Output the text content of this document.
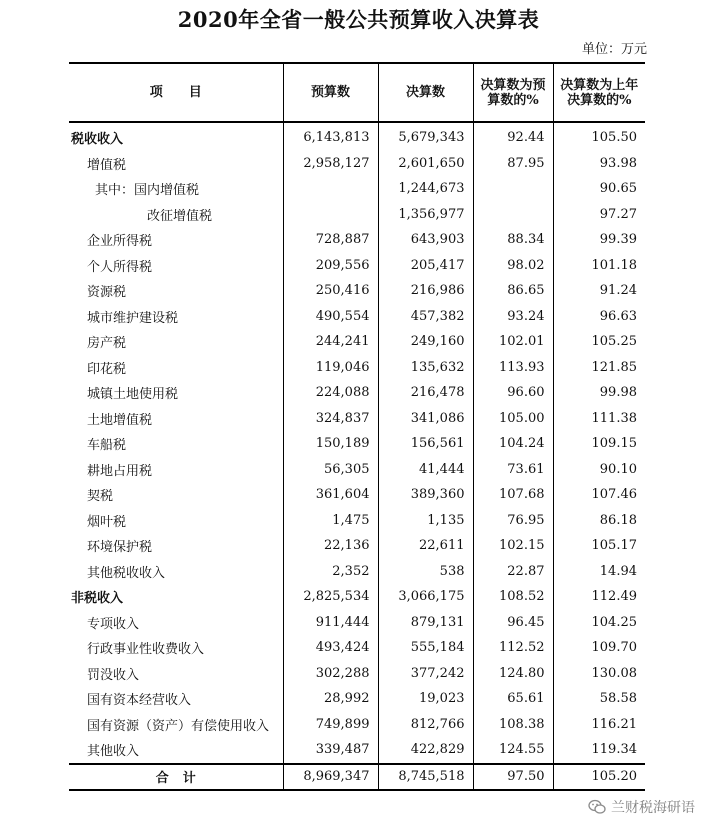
2020年全省一般公共预算收入决算表
单位：万元
项　　目	预算数	决算数	决算数为预算数的%	决算数为上年决算数的%
税收收入	6,143,813	5,679,343	92.44	105.50
增值税	2,958,127	2,601,650	87.95	93.98
其中：国内增值税		1,244,673		90.65
改征增值税		1,356,977		97.27
企业所得税	728,887	643,903	88.34	99.39
个人所得税	209,556	205,417	98.02	101.18
资源税	250,416	216,986	86.65	91.24
城市维护建设税	490,554	457,382	93.24	96.63
房产税	244,241	249,160	102.01	105.25
印花税	119,046	135,632	113.93	121.85
城镇土地使用税	224,088	216,478	96.60	99.98
土地增值税	324,837	341,086	105.00	111.38
车船税	150,189	156,561	104.24	109.15
耕地占用税	56,305	41,444	73.61	90.10
契税	361,604	389,360	107.68	107.46
烟叶税	1,475	1,135	76.95	86.18
环境保护税	22,136	22,611	102.15	105.17
其他税收收入	2,352	538	22.87	14.94
非税收入	2,825,534	3,066,175	108.52	112.49
专项收入	911,444	879,131	96.45	104.25
行政事业性收费收入	493,424	555,184	112.52	109.70
罚没收入	302,288	377,242	124.80	130.08
国有资本经营收入	28,992	19,023	65.61	58.58
国有资源（资产）有偿使用收入	749,899	812,766	108.38	116.21
其他收入	339,487	422,829	124.55	119.34
合计	8,969,347	8,745,518	97.50	105.20
兰财税海研语
